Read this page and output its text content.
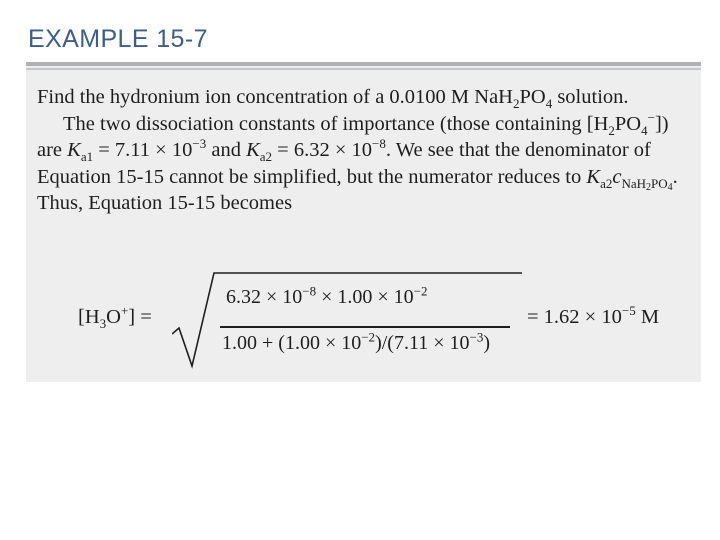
EXAMPLE 15-7
Find the hydronium ion concentration of a 0.0100 M $NaH_2PO_4$ solution.
The two dissociation constants of importance (those containing $[H_2PO_4^-]$)
are $K_{a1} = 7.11 \times 10^{-3}$ and $K_{a2} = 6.32 \times 10^{-8}$. We see that the denominator of
Equation 15-15 cannot be simplified, but the numerator reduces to $K_{a2}c_{NaH2PO4}$.
Thus, Equation 15-15 becomes
$[H_3O^+]$ =
$6.32 \times 10^{-8} \times 1.00 \times 10^{-2}$
$1.00 + (1.00 \times 10^{-2})/(7.11 \times 10^{-3})$
= $1.62 \times 10^{-5}$ M
